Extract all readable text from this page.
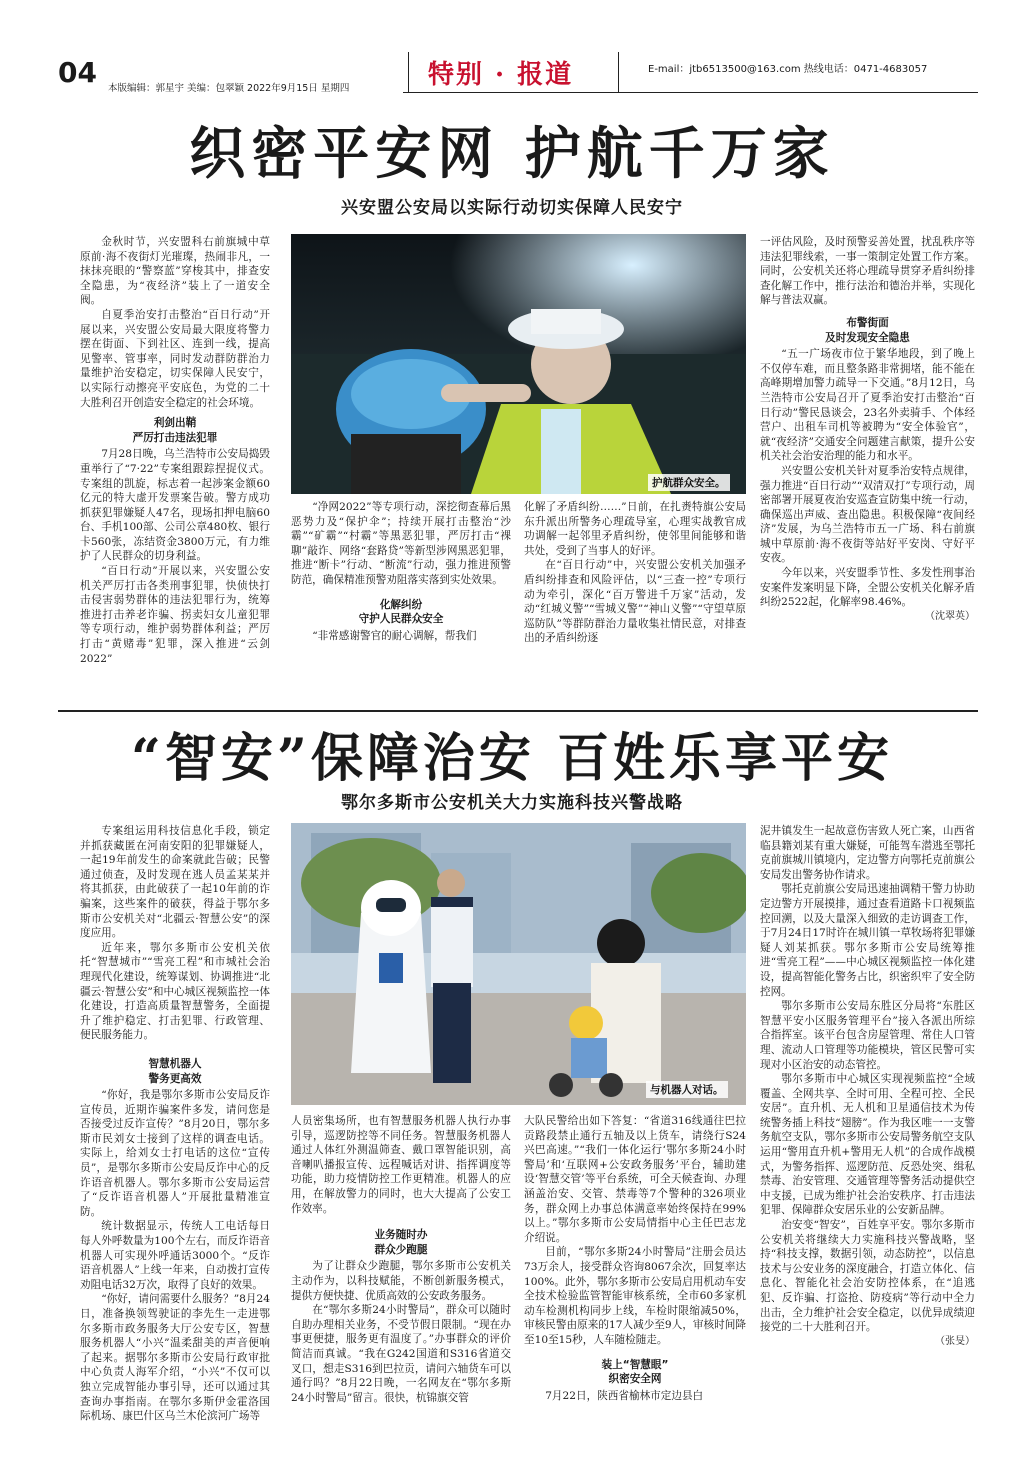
04 本版编辑：郭星宇 美编：包翠颖 2022年9月15日 星期四	特别 · 报道	E-mail：jtb6513500@163.com 热线电话：0471-4683057
织密平安网 护航千万家
兴安盟公安局以实际行动切实保障人民安宁

金秋时节，兴安盟科右前旗城中草原前·海不夜街灯光璀璨，热闹非凡，一抹抹亮眼的“警察蓝”穿梭其中，排查安全隐患，为“夜经济”装上了一道安全阀。

自夏季治安打击整治“百日行动”开展以来，兴安盟公安局最大限度将警力摆在街面、下到社区、连到一线，提高见警率、管事率，同时发动群防群治力量维护治安稳定，切实保障人民安宁，以实际行动擦亮平安底色，为党的二十大胜利召开创造安全稳定的社会环境。

利剑出鞘
严厉打击违法犯罪

7月28日晚，乌兰浩特市公安局捣毁重举行了“7·22”专案组跟踪捏捉仪式。专案组的凯旋，标志着一起涉案金额60亿元的特大虚开发票案告破。警方成功抓获犯罪嫌疑人47名，现场扣押电脑60台、手机100部、公司公章480枚、银行卡560张，冻结资金3800万元，有力维护了人民群众的切身利益。

“百日行动”开展以来，兴安盟公安机关严厉打击各类刑事犯罪，快侦快打击侵害弱势群体的违法犯罪行为，统筹推进打击养老诈骗、拐卖妇女儿童犯罪等专项行动，维护弱势群体利益；严厉打击“黄赌毒”犯罪，深入推进“云剑2022”

护航群众安全。

“净网2022”等专项行动，深挖彻查幕后黑恶势力及“保护伞”；持续开展打击整治“沙霸”“矿霸”“村霸”等黑恶犯罪，严厉打击“裸聊”敲诈、网络“套路贷”等新型涉网黑恶犯罪，推进“断卡”行动、“断流”行动，强力推进预警防范，确保精准预警劝阻落实落到实处效果。

化解纠纷
守护人民群众安全

“非常感谢警官的耐心调解，帮我们

化解了矛盾纠纷……”日前，在扎赉特旗公安局东升派出所警务心理疏导室，心理实战教官成功调解一起邻里矛盾纠纷，使邻里间能够和谐共处，受到了当事人的好评。

在“百日行动”中，兴安盟公安机关加强矛盾纠纷排查和风险评估，以“三查一控”专项行动为牵引，深化“百万警进千万家”活动，发动“红城义警”“雪城义警”“神山义警”“守望草原巡防队”等群防群治力量收集社情民意，对排查出的矛盾纠纷逐

一评估风险，及时预警妥善处置，扰乱秩序等违法犯罪线索，一事一策制定处置工作方案。同时，公安机关还将心理疏导贯穿矛盾纠纷排查化解工作中，推行法治和德治并举，实现化解与普法双赢。

布警街面
及时发现安全隐患

“五一广场夜市位于繁华地段，到了晚上不仅停车难，而且整条路非常拥堵，能不能在高峰期增加警力疏导一下交通。”8月12日，乌兰浩特市公安局召开了夏季治安打击整治“百日行动”警民恳谈会，23名外卖骑手、个体经营户、出租车司机等被聘为“安全体验官”，就“夜经济”交通安全问题建言献策，提升公安机关社会治安治理的能力和水平。

兴安盟公安机关针对夏季治安特点规律，强力推进“百日行动”“双清双打”专项行动，周密部署开展夏夜治安巡查宣防集中统一行动，确保巡出声威、查出隐患。积极保障“夜间经济”发展，为乌兰浩特市五一广场、科右前旗城中草原前·海不夜街等站好平安岗、守好平安夜。

今年以来，兴安盟季节性、多发性刑事治安案件发案明显下降，全盟公安机关化解矛盾纠纷2522起，化解率98.46%。

（沈翠英）

“智安”保障治安 百姓乐享平安
鄂尔多斯市公安机关大力实施科技兴警战略

专案组运用科技信息化手段，锁定并抓获藏匿在河南安阳的犯罪嫌疑人，一起19年前发生的命案就此告破；民警通过侦查，及时发现在逃人员孟某某并将其抓获，由此破获了一起10年前的诈骗案，这些案件的破获，得益于鄂尔多斯市公安机关对“北疆云·智慧公安”的深度应用。

近年来，鄂尔多斯市公安机关依托“智慧城市”“雪亮工程”和市城社会治理现代化建设，统筹谋划、协调推进“北疆云·智慧公安”和中心城区视频监控一体化建设，打造高质量智慧警务，全面提升了维护稳定、打击犯罪、行政管理、便民服务能力。

智慧机器人
警务更高效

“你好，我是鄂尔多斯市公安局反诈宣传员，近期诈骗案件多发，请问您是否接受过反诈宣传？”8月20日，鄂尔多斯市民刘女士接到了这样的调查电话。实际上，给刘女士打电话的这位“宣传员”，是鄂尔多斯市公安局反诈中心的反诈语音机器人。鄂尔多斯市公安局运营了“反诈语音机器人”开展批量精准宣防。

统计数据显示，传统人工电话每日每人外呼数量为100个左右，而反诈语音机器人可实现外呼通话3000个。“反诈语音机器人”上线一年来，自动拨打宣传劝阻电话32万次，取得了良好的效果。

“你好，请问需要什么服务？”8月24日，准备换领驾驶证的李先生一走进鄂尔多斯市政务服务大厅公安专区，智慧服务机器人“小兴”温柔甜美的声音便响了起来。据鄂尔多斯市公安局行政审批中心负责人海军介绍，“小兴”不仅可以独立完成智能办事引导，还可以通过其查询办事指南。在鄂尔多斯伊金霍洛国际机场、康巴什区乌兰木伦滨河广场等

与机器人对话。

人员密集场所，也有智慧服务机器人执行办事引导，巡逻防控等不同任务。智慧服务机器人通过人体红外测温筛查、戴口罩智能识别，高音喇叭播报宣传、远程喊话对讲、指挥调度等功能，助力疫情防控工作更精准。机器人的应用，在解放警力的同时，也大大提高了公安工作效率。

业务随时办
群众少跑腿

为了让群众少跑腿，鄂尔多斯市公安机关主动作为，以科技赋能，不断创新服务模式，提供方便快捷、优质高效的公安政务服务。

在“鄂尔多斯24小时警局”，群众可以随时自助办理相关业务，不受节假日限制。“现在办事更便捷，服务更有温度了。”办事群众的评价简洁而真诚。“我在G242国道和S316省道交叉口，想走S316到巴拉贡，请问六轴货车可以通行吗？”8月22日晚，一名网友在“鄂尔多斯24小时警局”留言。很快，杭锦旗交管

大队民警给出如下答复：“省道316线通往巴拉贡路段禁止通行五轴及以上货车，请绕行S24兴巴高速。”“我们一体化运行‘鄂尔多斯24小时警局’和‘互联网+公安政务服务’平台，辅助建设‘智慧交管’等平台系统，可全天候查询、办理涵盖治安、交管、禁毒等7个警种的326项业务，群众网上办事总体满意率始终保持在99%以上。”鄂尔多斯市公安局情指中心主任巴志龙介绍说。

目前，“鄂尔多斯24小时警局”注册会员达73万余人，接受群众咨询8067余次，回复率达100%。此外，鄂尔多斯市公安局启用机动车安全技术检验监管智能审核系统，全市60多家机动车检测机构同步上线，车检时限缩减50%，审核民警由原来的17人减少至9人，审核时间降至10至15秒，人车随检随走。

装上“智慧眼”
织密安全网

7月22日，陕西省榆林市定边县白

泥井镇发生一起故意伤害致人死亡案，山西省临县籍刘某有重大嫌疑，可能驾车潜逃至鄂托克前旗城川镇境内，定边警方向鄂托克前旗公安局发出警务协作请求。

鄂托克前旗公安局迅速抽调精干警力协助定边警方开展摸排，通过查看道路卡口视频监控回溯，以及大量深入细致的走访调查工作，于7月24日17时许在城川镇一草牧场将犯罪嫌疑人刘某抓获。鄂尔多斯市公安局统筹推进“雪亮工程”——中心城区视频监控一体化建设，提高智能化警务占比，织密织牢了安全防控网。

鄂尔多斯市公安局东胜区分局将“东胜区智慧平安小区服务管理平台”接入各派出所综合指挥室。该平台包含房屋管理、常住人口管理、流动人口管理等功能模块，管区民警可实现对小区治安的动态管控。

鄂尔多斯市中心城区实现视频监控“全域覆盖、全网共享、全时可用、全程可控、全民安居”。直升机、无人机和卫星通信技术为传统警务插上科技“翅膀”。作为我区唯一一支警务航空支队，鄂尔多斯市公安局警务航空支队运用“警用直升机+警用无人机”的合成作战模式，为警务指挥、巡逻防范、反恐处突、缉私禁毒、治安管理、交通管理等警务活动提供空中支援，已成为维护社会治安秩序、打击违法犯罪、保障群众安居乐业的公安新品牌。

治安变“智安”，百姓享平安。鄂尔多斯市公安机关将继续大力实施科技兴警战略，坚持“科技支撑，数据引领，动态防控”，以信息技术与公安业务的深度融合，打造立体化、信息化、智能化社会治安防控体系，在“追逃犯、反诈骗、打盗抢、防疫病”等行动中全力出击，全力维护社会安全稳定，以优异成绩迎接党的二十大胜利召开。

（张旻）
